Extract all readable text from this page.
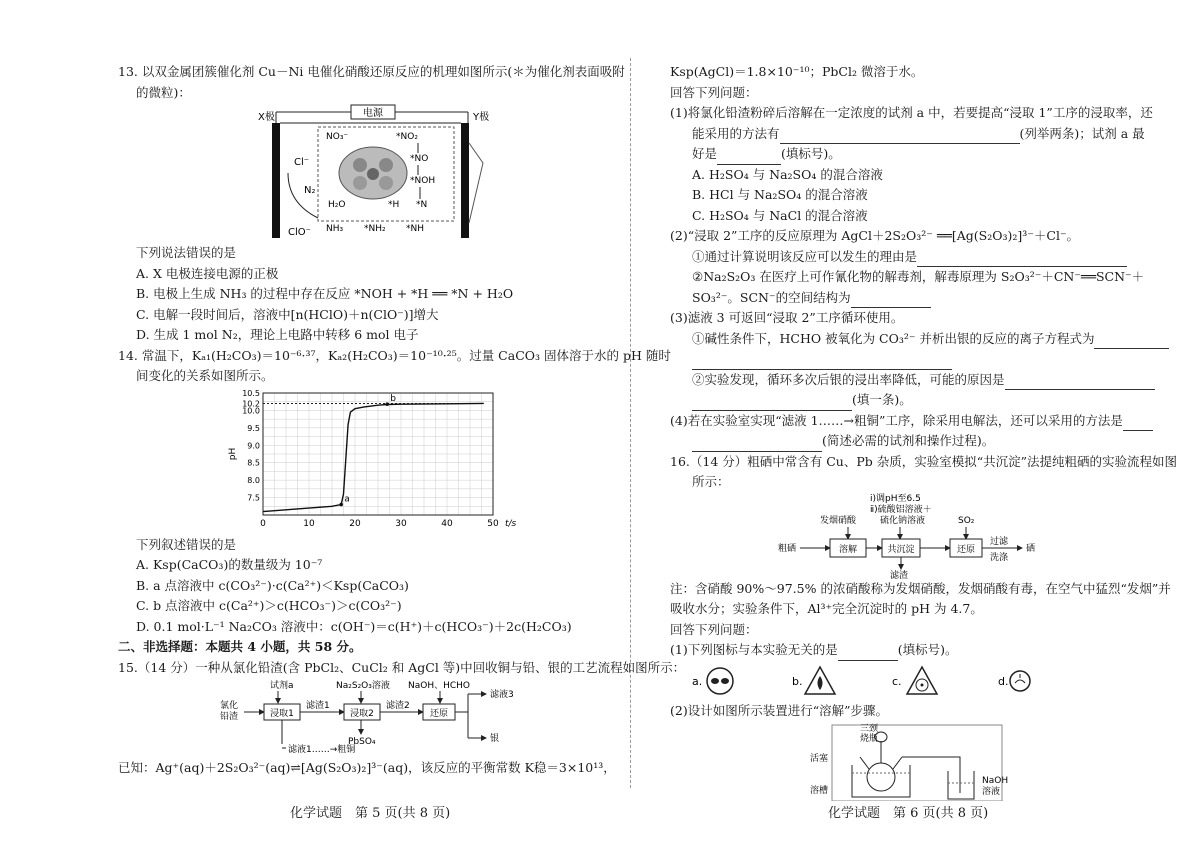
13. 以双金属团簇催化剂 Cu－Ni 电催化硝酸还原反应的机理如图所示(＊为催化剂表面吸附
的微粒)：
电源
X极	Y极
Cl⁻
ClO⁻
N₂
NO₃⁻	*NO₂
*NO
*NOH
*N
*H
H₂O
NH₃ *NH₂ *NH
下列说法错误的是
A. X 电极连接电源的正极
B. 电极上生成 NH₃ 的过程中存在反应 *NOH + *H ══ *N + H₂O
C. 电解一段时间后，溶液中[n(HClO)＋n(ClO⁻)]增大
D. 生成 1 mol N₂，理论上电路中转移 6 mol 电子
14. 常温下，Kₐ₁(H₂CO₃)＝10⁻⁶·³⁷，Kₐ₂(H₂CO₃)＝10⁻¹⁰·²⁵。过量 CaCO₃ 固体溶于水的 pH 随时
间变化的关系如图所示。
0	10	20	30	40	50
7.5
8.0
8.5
9.0
9.5
10.0
10.2
10.5
t/s
pH
a
b
下列叙述错误的是
A. Ksp(CaCO₃)的数量级为 10⁻⁷
B. a 点溶液中 c(CO₃²⁻)·c(Ca²⁺)＜Ksp(CaCO₃)
C. b 点溶液中 c(Ca²⁺)＞c(HCO₃⁻)＞c(CO₃²⁻)
D. 0.1 mol·L⁻¹ Na₂CO₃ 溶液中：c(OH⁻)＝c(H⁺)＋c(HCO₃⁻)＋2c(H₂CO₃)
二、非选择题：本题共 4 小题，共 58 分。
15.（14 分）一种从氯化铅渣(含 PbCl₂、CuCl₂ 和 AgCl 等)中回收铜与铅、银的工艺流程如图所示：
氯化
铅渣
试剂a
浸取1
滤渣1
Na₂S₂O₃溶液
浸取2
PbSO₄
滤渣2
NaOH、HCHO
还原
滤液3
银
滤液1……→粗铜
已知：Ag⁺(aq)＋2S₂O₃²⁻(aq)⇌[Ag(S₂O₃)₂]³⁻(aq)，该反应的平衡常数 K稳＝3×10¹³，
Ksp(AgCl)＝1.8×10⁻¹⁰；PbCl₂ 微溶于水。
回答下列问题：
(1)将氯化铅渣粉碎后溶解在一定浓度的试剂 a 中，若要提高“浸取 1”工序的浸取率，还
能采用的方法有	(列举两条)；试剂 a 最
好是	(填标号)。
A. H₂SO₄ 与 Na₂SO₄ 的混合溶液
B. HCl 与 Na₂SO₄ 的混合溶液
C. H₂SO₄ 与 NaCl 的混合溶液
(2)“浸取 2”工序的反应原理为 AgCl＋2S₂O₃²⁻ ══[Ag(S₂O₃)₂]³⁻＋Cl⁻。
①通过计算说明该反应可以发生的理由是
②Na₂S₂O₃ 在医疗上可作氰化物的解毒剂，解毒原理为 S₂O₃²⁻＋CN⁻══SCN⁻＋
SO₃²⁻。SCN⁻的空间结构为
(3)滤液 3 可返回“浸取 2”工序循环使用。
①碱性条件下，HCHO 被氧化为 CO₃²⁻ 并析出银的反应的离子方程式为
②实验发现，循环多次后银的浸出率降低，可能的原因是
(填一条)。
(4)若在实验室实现“滤液 1……→粗铜”工序，除采用电解法，还可以采用的方法是
(简述必需的试剂和操作过程)。
16.（14 分）粗硒中常含有 Cu、Pb 杂质，实验室模拟“共沉淀”法提纯粗硒的实验流程如图
所示：
ⅰ)调pH至6.5
ⅱ)硫酸铝溶液＋
硫化钠溶液
发烟硝酸	SO₂
粗硒	溶解	共沉淀
滤渣
还原
过滤
洗涤
硒
注：含硝酸 90%～97.5% 的浓硝酸称为发烟硝酸，发烟硝酸有毒，在空气中猛烈“发烟”并
吸收水分；实验条件下，Al³⁺完全沉淀时的 pH 为 4.7。
回答下列问题：
(1)下列图标与本实验无关的是	(填标号)。
a.	b.	c.	d.
(2)设计如图所示装置进行“溶解”步骤。
三颈
烧瓶
活塞
溶槽
NaOH
溶液
化学试题　第 5 页(共 8 页)	化学试题　第 6 页(共 8 页)
